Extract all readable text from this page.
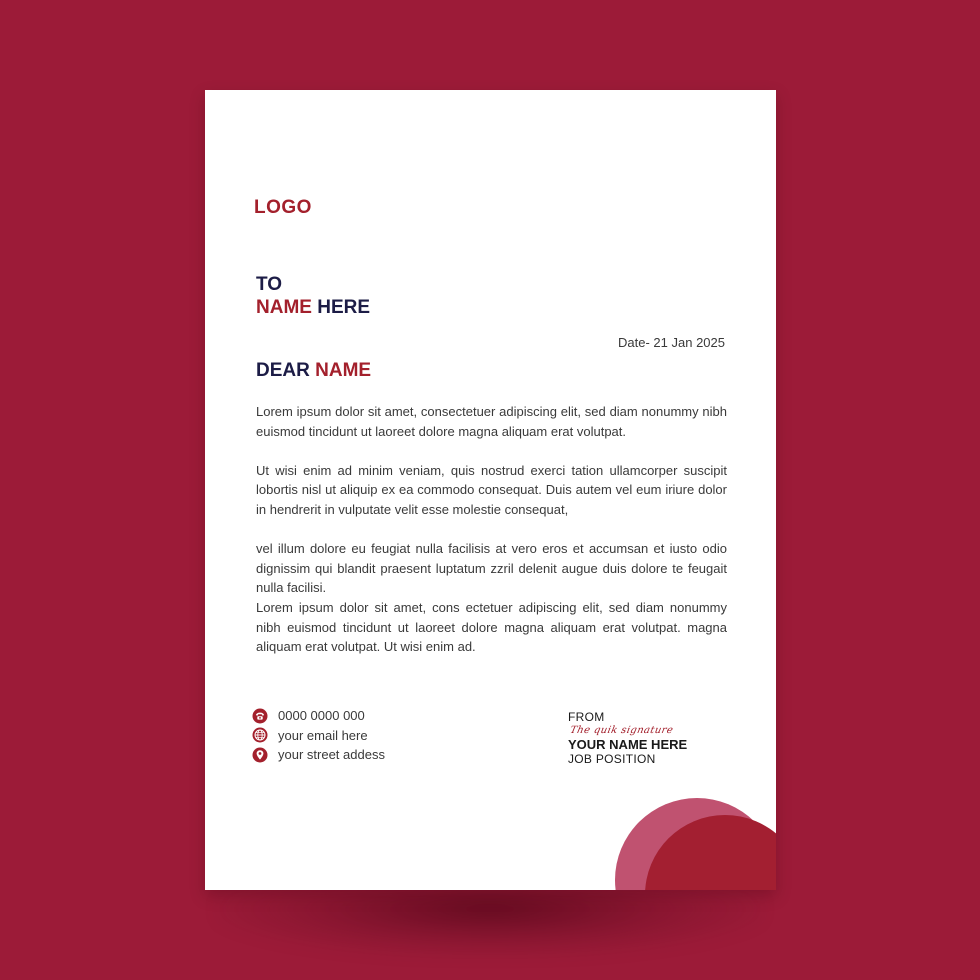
LOGO
TO
NAME HERE
Date- 21 Jan 2025
DEAR NAME

Lorem ipsum dolor sit amet, consectetuer adipiscing elit, sed diam nonummy nibh euismod tincidunt ut laoreet dolore magna aliquam erat volutpat.

Ut wisi enim ad minim veniam, quis nostrud exerci tation ullamcorper suscipit lobortis nisl ut aliquip ex ea commodo consequat. Duis autem vel eum iriure dolor in hendrerit in vulputate velit esse molestie consequat,

vel illum dolore eu feugiat nulla facilisis at vero eros et accumsan et iusto odio dignissim qui blandit praesent luptatum zzril delenit augue duis dolore te feugait nulla facilisi.

Lorem ipsum dolor sit amet, cons ectetuer adipiscing elit, sed diam nonummy nibh euismod tincidunt ut laoreet dolore magna aliquam erat volutpat. magna aliquam erat volutpat. Ut wisi enim ad.

0000 0000 000
your email here
your street addess
FROM
The quik signature
YOUR NAME HERE
JOB POSITION
